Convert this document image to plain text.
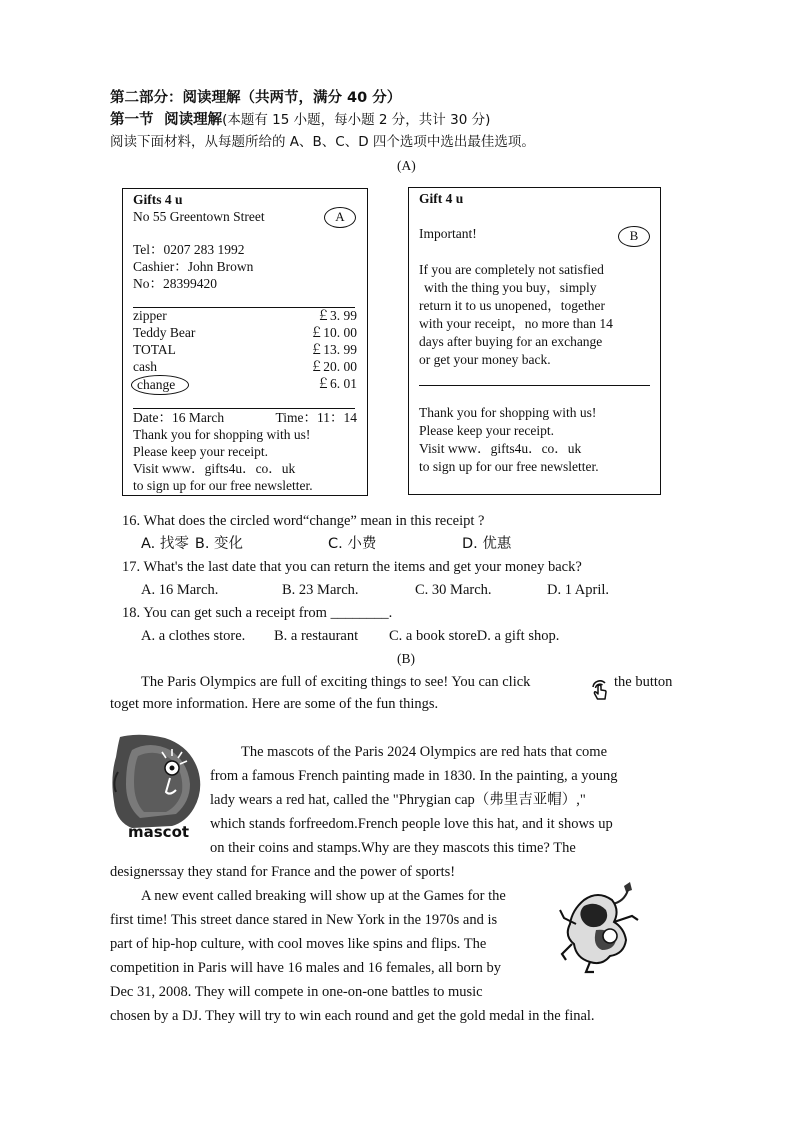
第二部分：阅读理解（共两节，满分 40 分）
第一节 阅读理解(本题有 15 小题，每小题 2 分，共计 30 分)
阅读下面材料，从每题所给的 A、B、C、D 四个选项中选出最佳选项。
(A)
Gifts 4 u
No 55 Greentown Street	A
Tel：0207 283 1992
Cashier：John Brown
No：28399420
zipper	￡3. 99
Teddy Bear	￡10. 00
TOTAL	￡13. 99
cash	￡20. 00
change	￡6. 01
Date：16 March	Time：11：14
Thank you for shopping with us!
Please keep your receipt.
Visit www．gifts4u．co．uk
to sign up for our free newsletter.
Gift 4 u
Important!	B
If you are completely not satisfied
with the thing you buy，simply
return it to us unopened，together
with your receipt，no more than 14
days after buying for an exchange
or get your money back.
Thank you for shopping with us!
Please keep your receipt.
Visit www．gifts4u．co．uk
to sign up for our free newsletter.
16. What does the circled word“change” mean in this receipt ?
A. 找零 B. 变化	C. 小费	D. 优惠
17. What's the last date that you can return the items and get your money back?
A. 16 March.	B. 23 March.	C. 30 March.	D. 1 April.
18. You can get such a receipt from ________.
A. a clothes store. B. a restaurant C. a book storeD. a gift shop.
(B)
The Paris Olympics are full of exciting things to see! You can click	the button
toget more information. Here are some of the fun things.
mascot
The mascots of the Paris 2024 Olympics are red hats that come
from a famous French painting made in 1830. In the painting, a young
lady wears a red hat, called the "Phrygian cap（弗里吉亚帽）,"
which stands forfreedom.French people love this hat, and it shows up
on their coins and stamps.Why are they mascots this time? The
designerssay they stand for France and the power of sports!
A new event called breaking will show up at the Games for the
first time! This street dance stared in New York in the 1970s and is
part of hip-hop culture, with cool moves like spins and flips. The
competition in Paris will have 16 males and 16 females, all born by
Dec 31, 2008. They will compete in one-on-one battles to music
chosen by a DJ. They will try to win each round and get the gold medal in the final.
